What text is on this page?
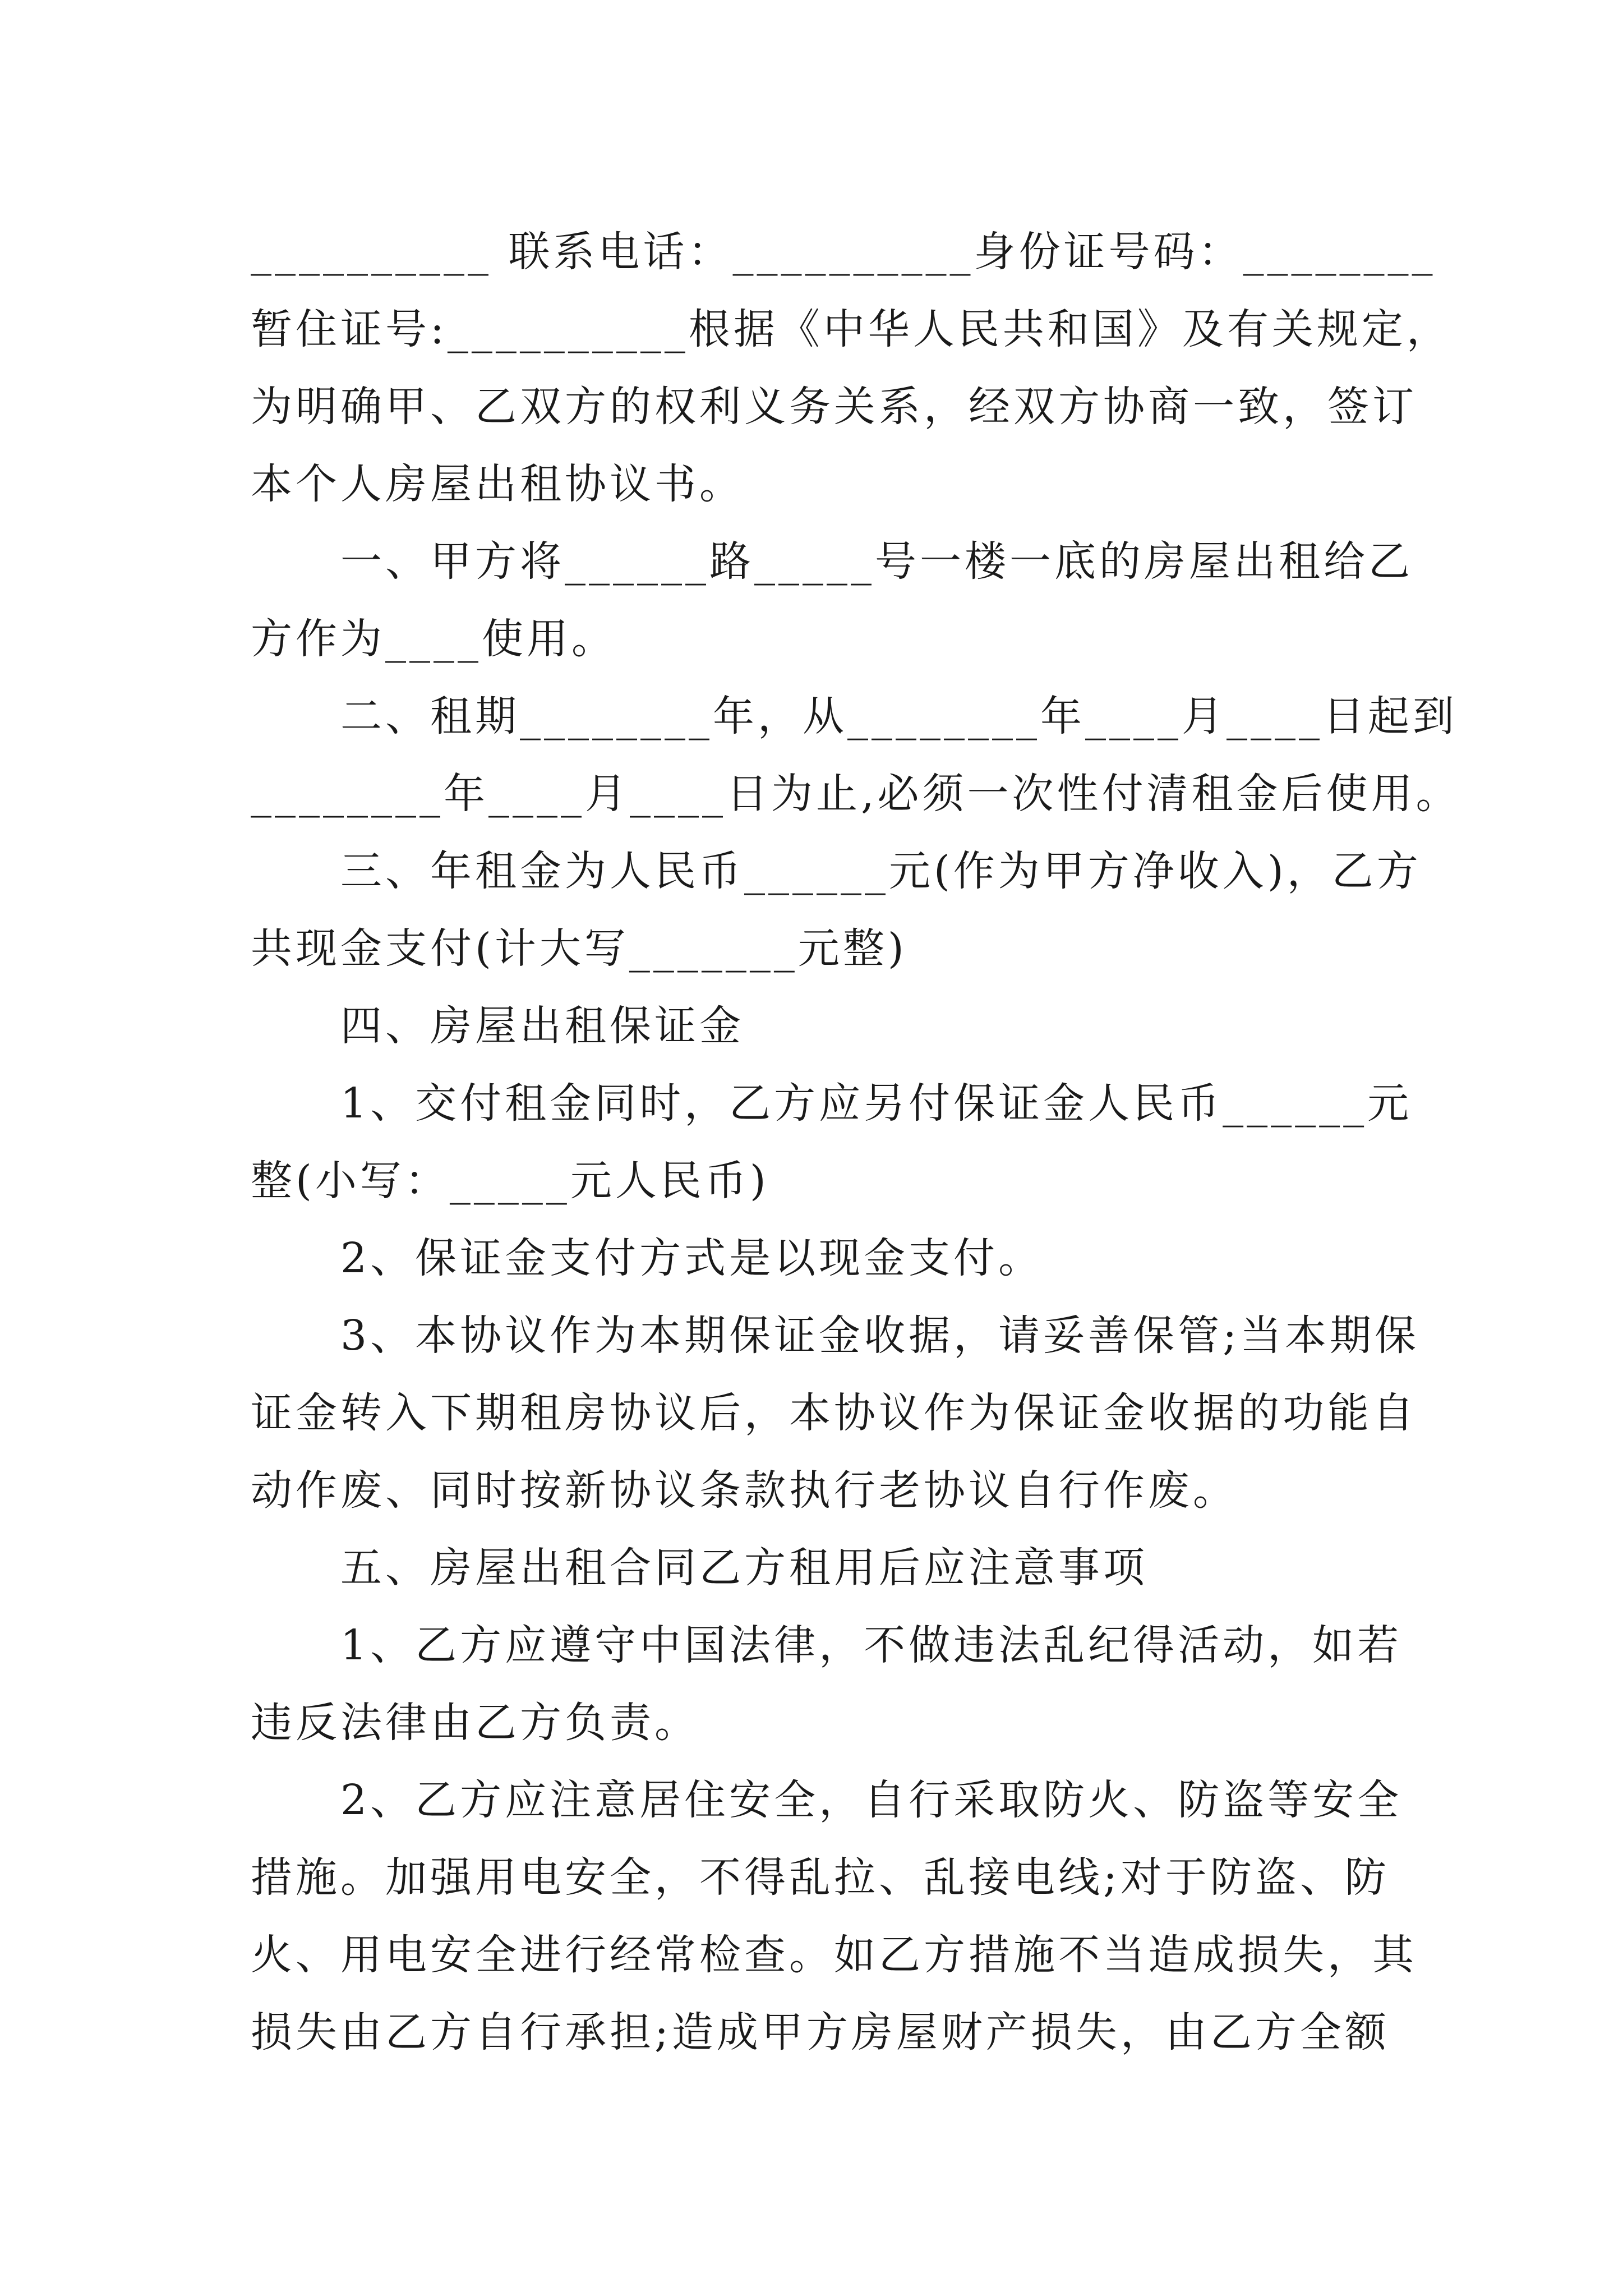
__________ 联系电话：__________身份证号码：________
暂住证号:__________根据《中华人民共和国》及有关规定，
为明确甲、乙双方的权利义务关系，经双方协商一致，签订
本个人房屋出租协议书。
一、甲方将______路_____号一楼一底的房屋出租给乙
方作为____使用。
二、租期________年，从________年____月____日起到
________年____月____日为止,必须一次性付清租金后使用。
三、年租金为人民币______元(作为甲方净收入)，乙方
共现金支付(计大写_______元整)
四、房屋出租保证金
1、交付租金同时，乙方应另付保证金人民币______元
整(小写：_____元人民币)
2、保证金支付方式是以现金支付。
3、本协议作为本期保证金收据，请妥善保管;当本期保
证金转入下期租房协议后，本协议作为保证金收据的功能自
动作废、同时按新协议条款执行老协议自行作废。
五、房屋出租合同乙方租用后应注意事项
1、乙方应遵守中国法律，不做违法乱纪得活动，如若
违反法律由乙方负责。
2、乙方应注意居住安全，自行采取防火、防盗等安全
措施。加强用电安全，不得乱拉、乱接电线;对于防盗、防
火、用电安全进行经常检查。如乙方措施不当造成损失，其
损失由乙方自行承担;造成甲方房屋财产损失，由乙方全额
